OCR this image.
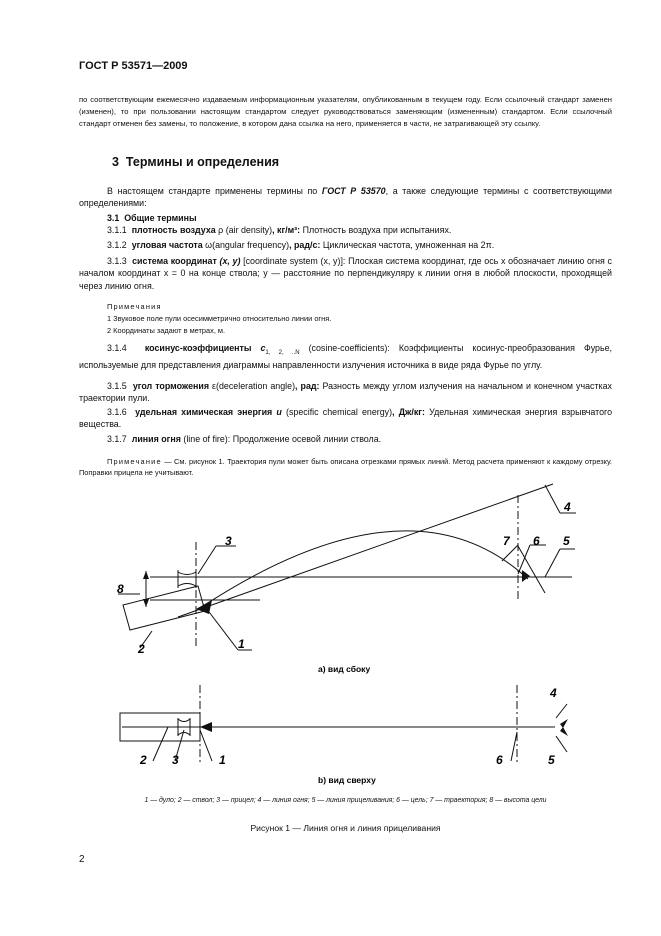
ГОСТ Р 53571—2009
по соответствующим ежемесячно издаваемым информационным указателям, опубликованным в текущем году. Если ссылочный стандарт заменен (изменен), то при пользовании настоящим стандартом следует руководствоваться заменяющим (измененным) стандартом. Если ссылочный стандарт отменен без замены, то положение, в котором дана ссылка на него, применяется в части, не затрагивающей эту ссылку.
3 Термины и определения
В настоящем стандарте применены термины по ГОСТ Р 53570, а также следующие термины с соответствующими определениями:
3.1 Общие термины
3.1.1 плотность воздуха ρ (air density), кг/м³: Плотность воздуха при испытаниях.
3.1.2 угловая частота ω(angular frequency), рад/с: Циклическая частота, умноженная на 2π.
3.1.3 система координат (x, y) [coordinate system (x, y)]: Плоская система координат, где ось x обозначает линию огня с началом координат x = 0 на конце ствола; y — расстояние по перпендикуляру к линии огня в любой плоскости, проходящей через линию огня.
Примечания
1 Звуковое поле пули осесимметрично относительно линии огня.
2 Координаты задают в метрах, м.
3.1.4 косинус-коэффициенты $c_{1, 2, ..N}$ (cosine-coefficients): Коэффициенты косинус-преобразования Фурье, используемые для представления диаграммы направленности излучения источника в виде ряда Фурье по углу.
3.1.5 угол торможения ε(deceleration angle), рад: Разность между углом излучения на начальном и конечном участках траектории пули.
3.1.6 удельная химическая энергия u (specific chemical energy), Дж/кг: Удельная химическая энергия взрывчатого вещества.
3.1.7 линия огня (line of fire): Продолжение осевой линии ствола.
Примечание — См. рисунок 1. Траектория пули может быть описана отрезками прямых линий. Метод расчета применяют к каждому отрезку. Поправки прицела не учитывают.
3
1
2
8
7 6 5
4
2 3	1	6
4
5
а) вид сбоку
b) вид сверху
1 — дуло; 2 — ствол; 3 — прицел; 4 — линия огня; 5 — линия прицеливания; 6 — цель; 7 — траектория; 8 — высота цели
Рисунок 1 — Линия огня и линия прицеливания
2
